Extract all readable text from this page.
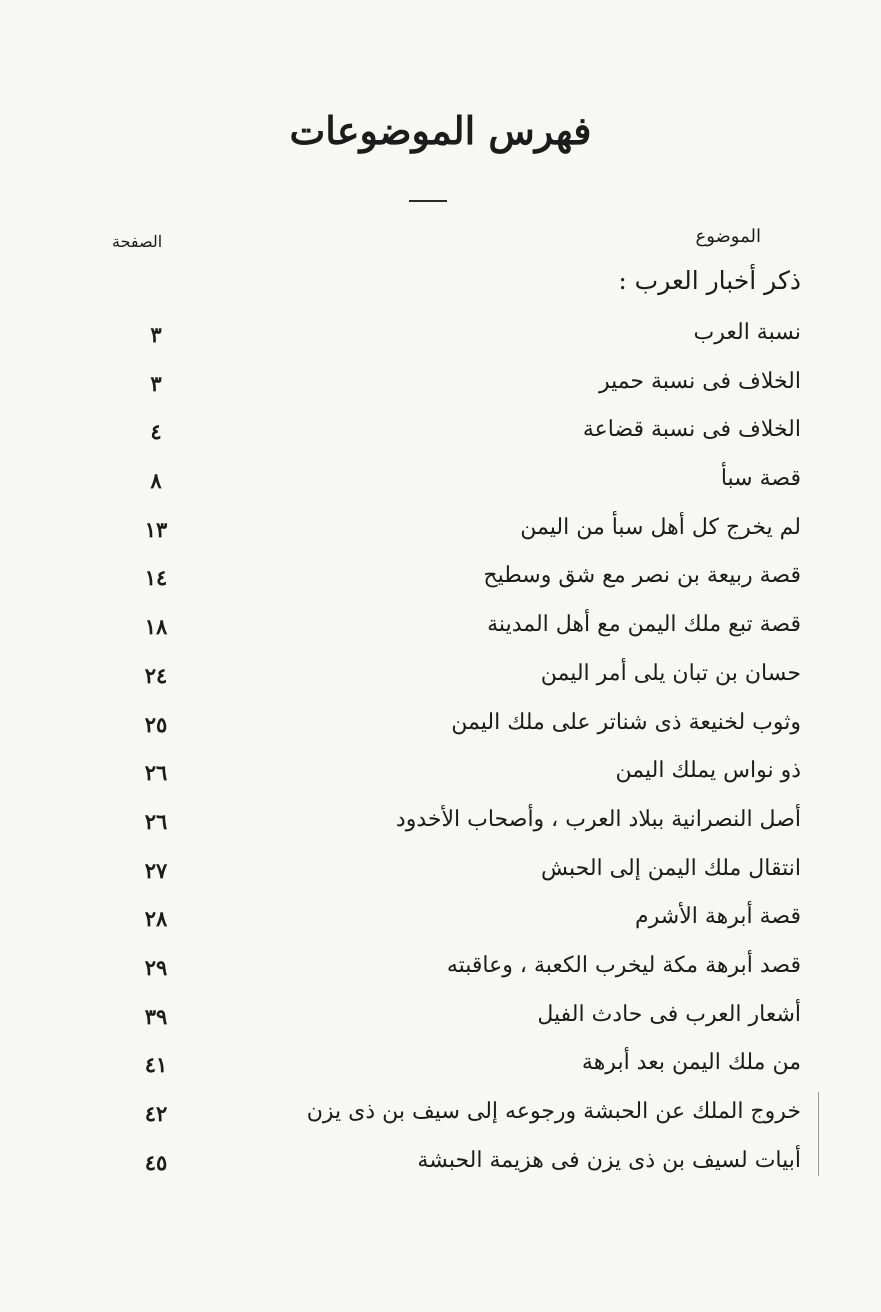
فهرس الموضوعات
الموضوع
الصفحة
ذكر أخبار العرب :
نسبة العرب
٣
الخلاف فى نسبة حمير
٣
الخلاف فى نسبة قضاعة
٤
قصة سبأ
٨
لم يخرج كل أهل سبأ من اليمن
١٣
قصة ربيعة بن نصر مع شق وسطيح
١٤
قصة تبع ملك اليمن مع أهل المدينة
١٨
حسان بن تبان يلى أمر اليمن
٢٤
وثوب لخنيعة ذى شناتر على ملك اليمن
٢٥
ذو نواس يملك اليمن
٢٦
أصل النصرانية ببلاد العرب ، وأصحاب الأخدود
٢٦
انتقال ملك اليمن إلى الحبش
٢٧
قصة أبرهة الأشرم
٢٨
قصد أبرهة مكة ليخرب الكعبة ، وعاقبته
٢٩
أشعار العرب فى حادث الفيل
٣٩
من ملك اليمن بعد أبرهة
٤١
خروج الملك عن الحبشة ورجوعه إلى سيف بن ذى يزن
٤٢
أبيات لسيف بن ذى يزن فى هزيمة الحبشة
٤٥
